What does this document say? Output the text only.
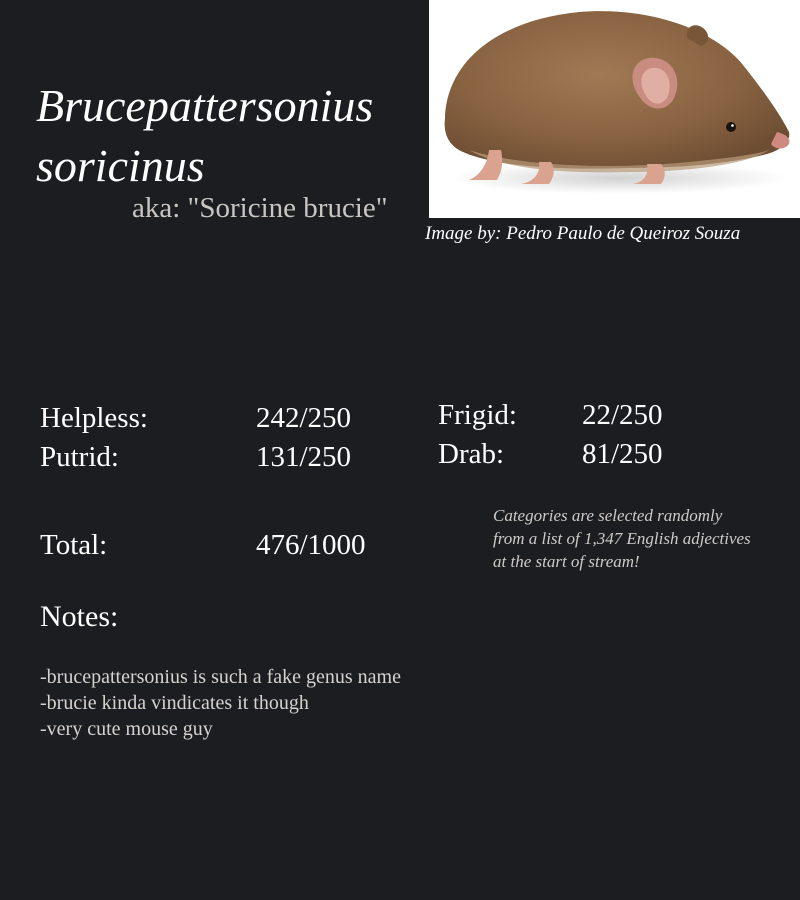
Brucepattersonius
soricinus
aka: "Soricine brucie"
Image by: Pedro Paulo de Queiroz Souza
Helpless:	242/250
Putrid:	131/250
Frigid: 22/250
Drab:	81/250
Total:	476/1000
Categories are selected randomly from a list of 1,347 English adjectives at the start of stream!
Notes:
-brucepattersonius is such a fake genus name
-brucie kinda vindicates it though
-very cute mouse guy
